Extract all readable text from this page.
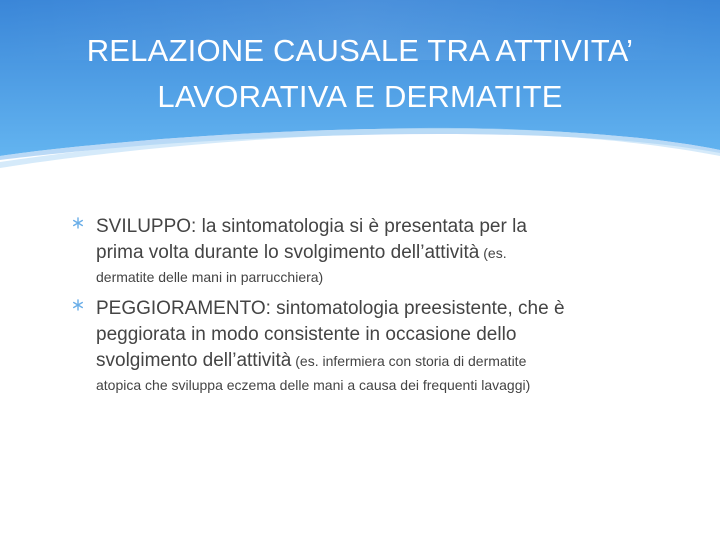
RELAZIONE CAUSALE TRA ATTIVITA’
LAVORATIVA E DERMATITE
SVILUPPO: la sintomatologia si è presentata per la
prima volta durante lo svolgimento dell’attività (es.
dermatite delle mani in parrucchiera)
PEGGIORAMENTO: sintomatologia preesistente, che è
peggiorata in modo consistente in occasione dello
svolgimento dell’attività (es. infermiera con storia di dermatite
atopica che sviluppa eczema delle mani a causa dei frequenti lavaggi)
